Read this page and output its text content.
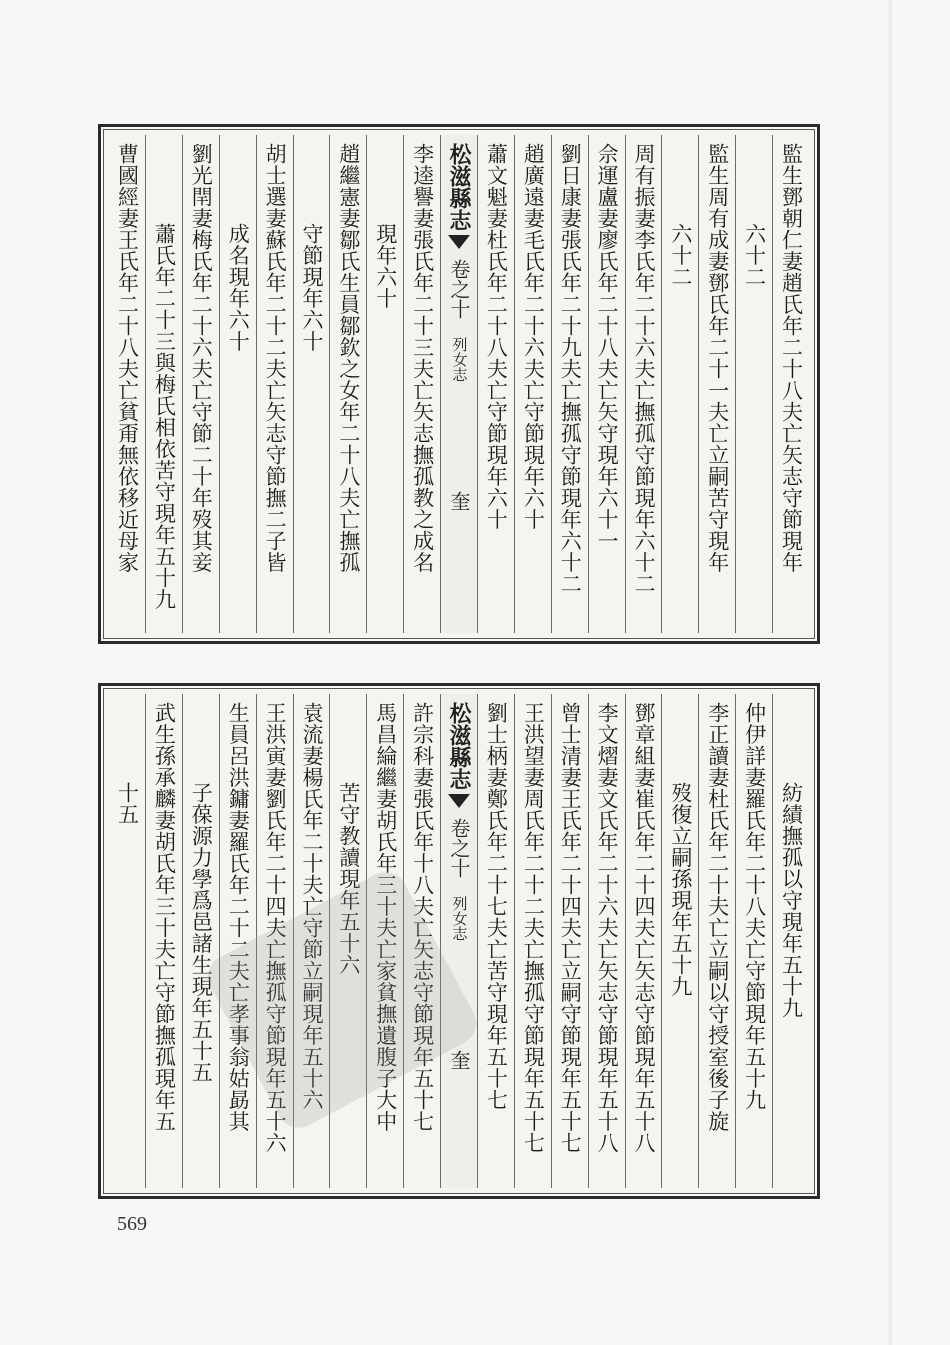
監生鄧朝仁妻趙氏年二十八夫亡矢志守節現年
六十二
監生周有成妻鄧氏年二十一夫亡立嗣苦守現年
六十二
周有振妻李氏年二十六夫亡撫孤守節現年六十二
佘運盧妻廖氏年二十八夫亡矢守現年六十一
劉日康妻張氏年二十九夫亡撫孤守節現年六十二
趙廣遠妻毛氏年二十六夫亡守節現年六十
蕭文魁妻杜氏年二十八夫亡守節現年六十
松滋縣志
卷之十
列女志
奎
李逵譽妻張氏年二十三夫亡矢志撫孤教之成名
現年六十
趙繼憲妻鄒氏生員鄒欽之女年二十八夫亡撫孤
守節現年六十
胡士選妻蘇氏年二十二夫亡矢志守節撫二子皆
成名現年六十
劉光閈妻梅氏年二十六夫亡守節二十年歿其妾
蕭氏年二十三與梅氏相依苦守現年五十九
曹國經妻王氏年二十八夫亡貧甭無依移近母家
紡績撫孤以守現年五十九
仲伊詳妻羅氏年二十八夫亡守節現年五十九
李正讀妻杜氏年二十夫亡立嗣以守授室後子旋
歿復立嗣孫現年五十九
鄧章組妻崔氏年二十四夫亡矢志守節現年五十八
李文熠妻文氏年二十六夫亡矢志守節現年五十八
曾士清妻王氏年二十四夫亡立嗣守節現年五十七
王洪望妻周氏年二十二夫亡撫孤守節現年五十七
劉士柄妻鄭氏年二十七夫亡苦守現年五十七
松滋縣志
卷之十
列女志
奎
許宗科妻張氏年十八夫亡矢志守節現年五十七
馬昌綸繼妻胡氏年三十夫亡家貧撫遺腹子大中
苦守教讀現年五十六
袁流妻楊氏年二十夫亡守節立嗣現年五十六
王洪寅妻劉氏年二十四夫亡撫孤守節現年五十六
生員呂洪鏞妻羅氏年二十二夫亡孝事翁姑勗其
子葆源力學爲邑諸生現年五十五
武生孫承麟妻胡氏年三十夫亡守節撫孤現年五
十五
569
